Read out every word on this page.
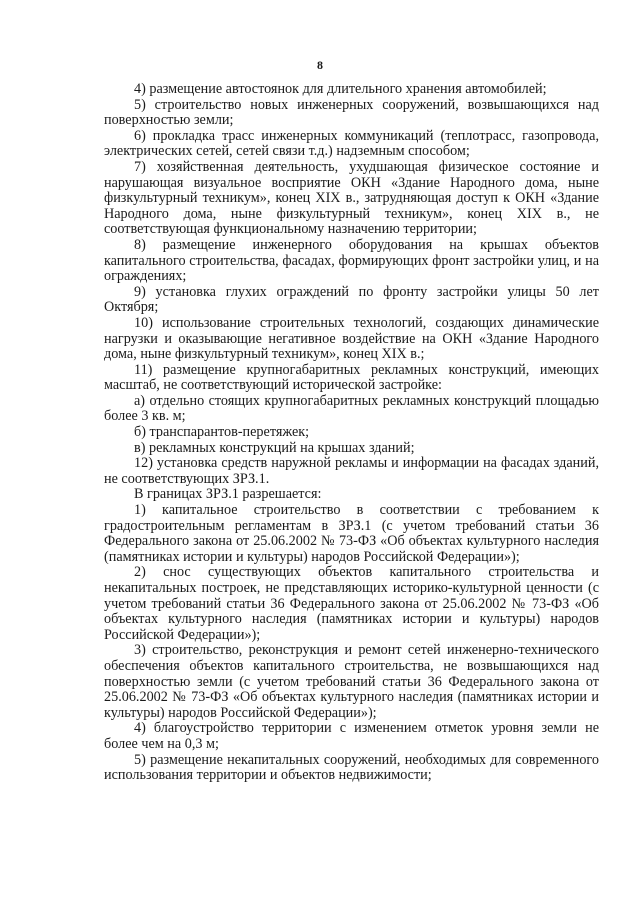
8

4) размещение автостоянок для длительного хранения автомобилей;

5) строительство новых инженерных сооружений, возвышающихся над поверхностью земли;

6) прокладка трасс инженерных коммуникаций (теплотрасс, газопровода, электрических сетей, сетей связи т.д.) надземным способом;

7) хозяйственная деятельность, ухудшающая физическое состояние и нарушающая визуальное восприятие ОКН «Здание Народного дома, ныне физкультурный техникум», конец XIX в., затрудняющая доступ к ОКН «Здание Народного дома, ныне физкультурный техникум», конец XIX в., не соответствующая функциональному назначению территории;

8) размещение инженерного оборудования на крышах объектов капитального строительства, фасадах, формирующих фронт застройки улиц, и на ограждениях;

9) установка глухих ограждений по фронту застройки улицы 50 лет Октября;

10) использование строительных технологий, создающих динамические нагрузки и оказывающие негативное воздействие на ОКН «Здание Народного дома, ныне физкультурный техникум», конец XIX в.;

11) размещение крупногабаритных рекламных конструкций, имеющих масштаб, не соответствующий исторической застройке:

а) отдельно стоящих крупногабаритных рекламных конструкций площадью более 3 кв. м;

б) транспарантов-перетяжек;

в) рекламных конструкций на крышах зданий;

12) установка средств наружной рекламы и информации на фасадах зданий, не соответствующих ЗРЗ.1.

В границах ЗРЗ.1 разрешается:

1) капитальное строительство в соответствии с требованием к градостроительным регламентам в ЗРЗ.1 (с учетом требований статьи 36 Федерального закона от 25.06.2002 № 73-ФЗ «Об объектах культурного наследия (памятниках истории и культуры) народов Российской Федерации»);

2) снос существующих объектов капитального строительства и некапитальных построек, не представляющих историко-культурной ценности (с учетом требований статьи 36 Федерального закона от 25.06.2002 № 73-ФЗ «Об объектах культурного наследия (памятниках истории и культуры) народов Российской Федерации»);

3) строительство, реконструкция и ремонт сетей инженерно-технического обеспечения объектов капитального строительства, не возвышающихся над поверхностью земли (с учетом требований статьи 36 Федерального закона от 25.06.2002 № 73-ФЗ «Об объектах культурного наследия (памятниках истории и культуры) народов Российской Федерации»);

4) благоустройство территории с изменением отметок уровня земли не более чем на 0,3 м;

5) размещение некапитальных сооружений, необходимых для современного использования территории и объектов недвижимости;
